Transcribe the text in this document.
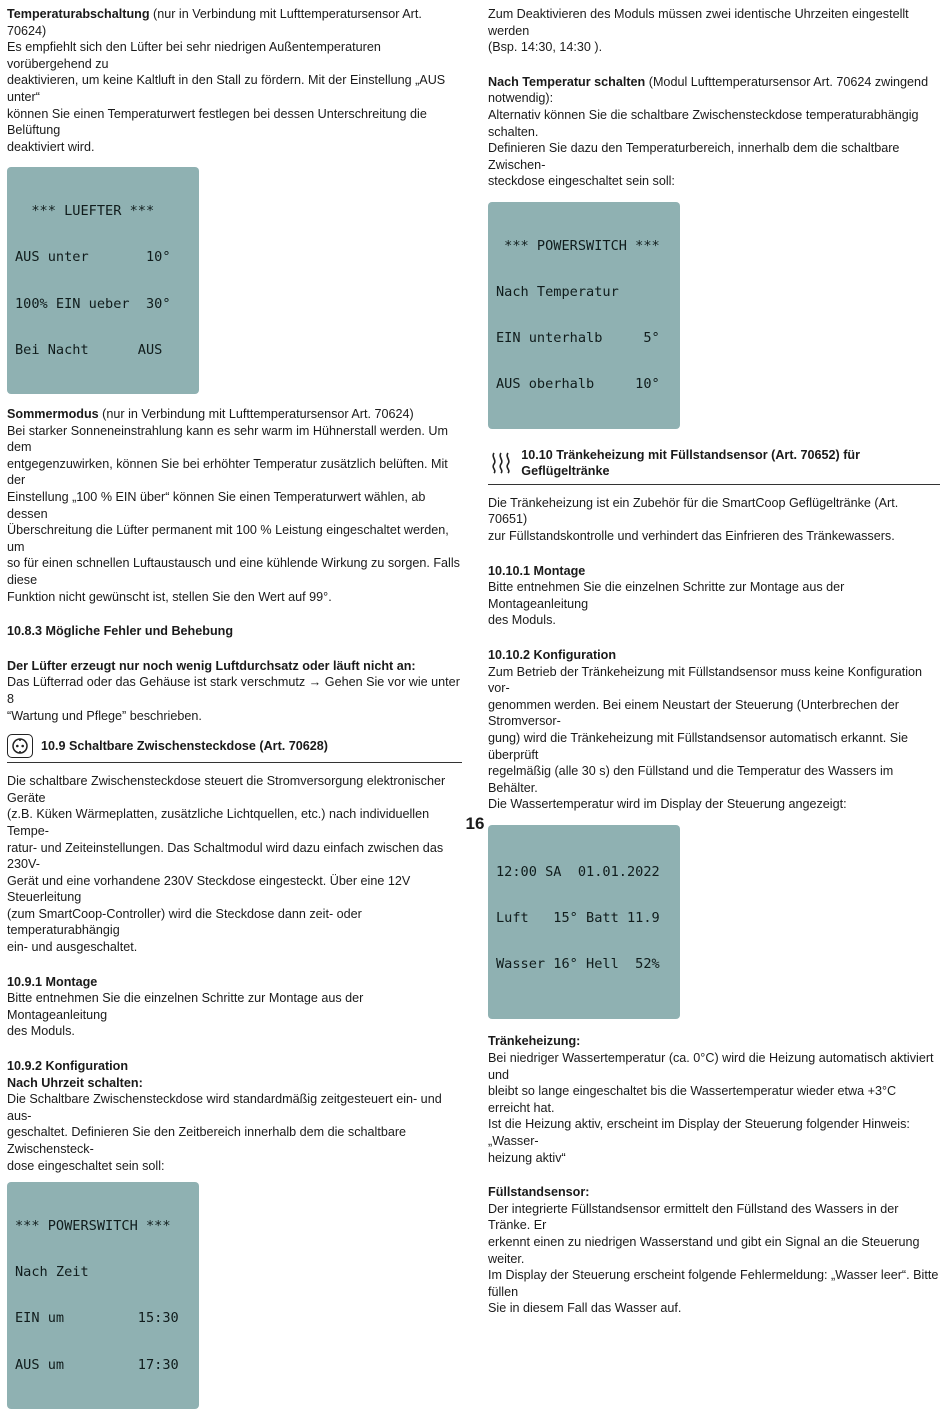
Temperaturabschaltung (nur in Verbindung mit Lufttemperatursensor Art. 70624)

Es empfiehlt sich den Lüfter bei sehr niedrigen Außentemperaturen vorübergehend zu

deaktivieren, um keine Kaltluft in den Stall zu fördern. Mit der Einstellung „AUS unter“

können Sie einen Temperaturwert festlegen bei dessen Unterschreitung die Belüftung

deaktiviert wird.

*** LUEFTER ***

AUS unter       10°

100% EIN ueber  30°

Bei Nacht      AUS

Sommermodus (nur in Verbindung mit Lufttemperatursensor Art. 70624)

Bei starker Sonneneinstrahlung kann es sehr warm im Hühnerstall werden. Um dem

entgegenzuwirken, können Sie bei erhöhter Temperatur zusätzlich belüften. Mit der

Einstellung „100 % EIN über“ können Sie einen Temperaturwert wählen, ab dessen

Überschreitung die Lüfter permanent mit 100 % Leistung eingeschaltet werden, um

so für einen schnellen Luftaustausch und eine kühlende Wirkung zu sorgen. Falls diese

Funktion nicht gewünscht ist, stellen Sie den Wert auf 99°.

10.8.3 Mögliche Fehler und Behebung

Der Lüfter erzeugt nur noch wenig Luftdurchsatz oder läuft nicht an:

Das Lüfterrad oder das Gehäuse ist stark verschmutz → Gehen Sie vor wie unter 8

“Wartung und Pflege” beschrieben.

10.9 Schaltbare Zwischensteckdose (Art. 70628)

Die schaltbare Zwischensteckdose steuert die Stromversorgung elektronischer Geräte

(z.B. Küken Wärmeplatten, zusätzliche Lichtquellen, etc.) nach individuellen Tempe-

ratur- und Zeiteinstellungen. Das Schaltmodul wird dazu einfach zwischen das 230V-

Gerät und eine vorhandene 230V Steckdose eingesteckt. Über eine 12V Steuerleitung

(zum SmartCoop-Controller) wird die Steckdose dann zeit- oder temperaturabhängig

ein- und ausgeschaltet.

10.9.1 Montage

Bitte entnehmen Sie die einzelnen Schritte zur Montage aus der Montageanleitung

des Moduls.

10.9.2 Konfiguration

Nach Uhrzeit schalten:

Die Schaltbare Zwischensteckdose wird standardmäßig zeitgesteuert ein- und aus-

geschaltet. Definieren Sie den Zeitbereich innerhalb dem die schaltbare Zwischensteck-

dose eingeschaltet sein soll:

*** POWERSWITCH ***

Nach Zeit

EIN um         15:30

AUS um         17:30

Zum Deaktivieren des Moduls müssen zwei identische Uhrzeiten eingestellt werden

(Bsp. 14:30, 14:30 ).

Nach Temperatur schalten (Modul Lufttemperatursensor Art. 70624 zwingend

notwendig):

Alternativ können Sie die schaltbare Zwischensteckdose temperaturabhängig schalten.

Definieren Sie dazu den Temperaturbereich, innerhalb dem die schaltbare Zwischen-

steckdose eingeschaltet sein soll:

*** POWERSWITCH ***

Nach Temperatur

EIN unterhalb     5°

AUS oberhalb     10°

10.10 Tränkeheizung mit Füllstandsensor (Art. 70652) für Geflügeltränke

Die Tränkeheizung ist ein Zubehör für die SmartCoop Geflügeltränke (Art. 70651)

zur Füllstandskontrolle und verhindert das Einfrieren des Tränkewassers.

10.10.1 Montage

Bitte entnehmen Sie die einzelnen Schritte zur Montage aus der Montageanleitung

des Moduls.

10.10.2 Konfiguration

Zum Betrieb der Tränkeheizung mit Füllstandsensor muss keine Konfiguration vor-

genommen werden. Bei einem Neustart der Steuerung (Unterbrechen der Stromversor-

gung) wird die Tränkeheizung mit Füllstandsensor automatisch erkannt. Sie überprüft

regelmäßig (alle 30 s) den Füllstand und die Temperatur des Wassers im Behälter.

Die Wassertemperatur wird im Display der Steuerung angezeigt:

12:00 SA  01.01.2022

Luft   15° Batt 11.9

Wasser 16° Hell  52%

Tränkeheizung:

Bei niedriger Wassertemperatur (ca. 0°C) wird die Heizung automatisch aktiviert und

bleibt so lange eingeschaltet bis die Wassertemperatur wieder etwa +3°C erreicht hat.

Ist die Heizung aktiv, erscheint im Display der Steuerung folgender Hinweis: „Wasser-

heizung aktiv“

Füllstandsensor:

Der integrierte Füllstandsensor ermittelt den Füllstand des Wassers in der Tränke. Er

erkennt einen zu niedrigen Wasserstand und gibt ein Signal an die Steuerung weiter.

Im Display der Steuerung erscheint folgende Fehlermeldung: „Wasser leer“. Bitte füllen

Sie in diesem Fall das Wasser auf.

16
